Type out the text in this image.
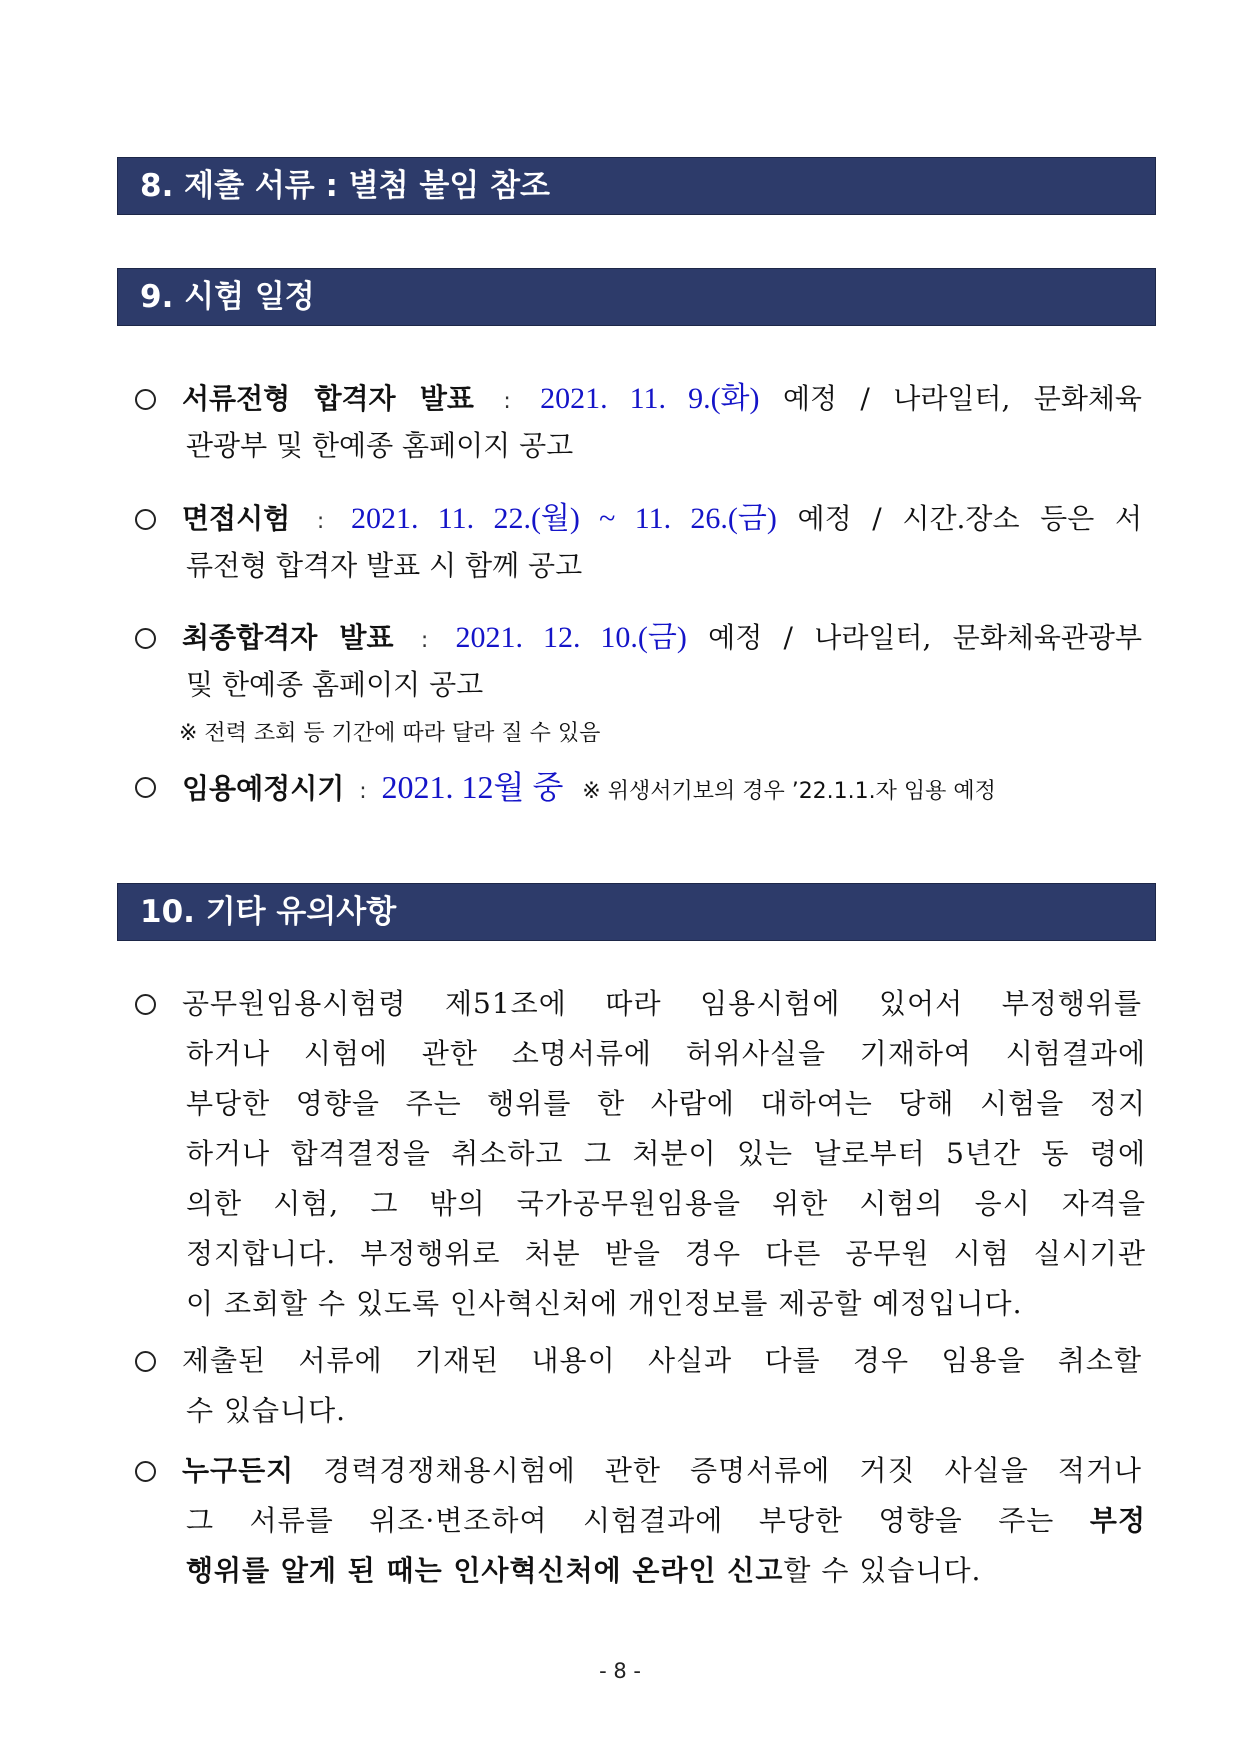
8. 제출 서류 : 별첨 붙임 참조
9. 시험 일정
서류전형 합격자 발표 : 2021. 11. 9.(화) 예정 / 나라일터, 문화체육
관광부 및 한예종 홈페이지 공고
면접시험 : 2021. 11. 22.(월) ~ 11. 26.(금) 예정 / 시간.장소 등은 서
류전형 합격자 발표 시 함께 공고
최종합격자 발표 : 2021. 12. 10.(금) 예정 / 나라일터, 문화체육관광부
및 한예종 홈페이지 공고
※ 전력 조회 등 기간에 따라 달라 질 수 있음
임용예정시기 : 2021. 12월 중 ※ 위생서기보의 경우 ’22.1.1.자 임용 예정
10. 기타 유의사항
공무원임용시험령 제51조에 따라 임용시험에 있어서 부정행위를
하거나 시험에 관한 소명서류에 허위사실을 기재하여 시험결과에
부당한 영향을 주는 행위를 한 사람에 대하여는 당해 시험을 정지
하거나 합격결정을 취소하고 그 처분이 있는 날로부터 5년간 동 령에
의한 시험, 그 밖의 국가공무원임용을 위한 시험의 응시 자격을
정지합니다. 부정행위로 처분 받을 경우 다른 공무원 시험 실시기관
이 조회할 수 있도록 인사혁신처에 개인정보를 제공할 예정입니다.
제출된 서류에 기재된 내용이 사실과 다를 경우 임용을 취소할
수 있습니다.
누구든지 경력경쟁채용시험에 관한 증명서류에 거짓 사실을 적거나
그 서류를 위조·변조하여 시험결과에 부당한 영향을 주는 부정
행위를 알게 된 때는 인사혁신처에 온라인 신고할 수 있습니다.
- 8 -
